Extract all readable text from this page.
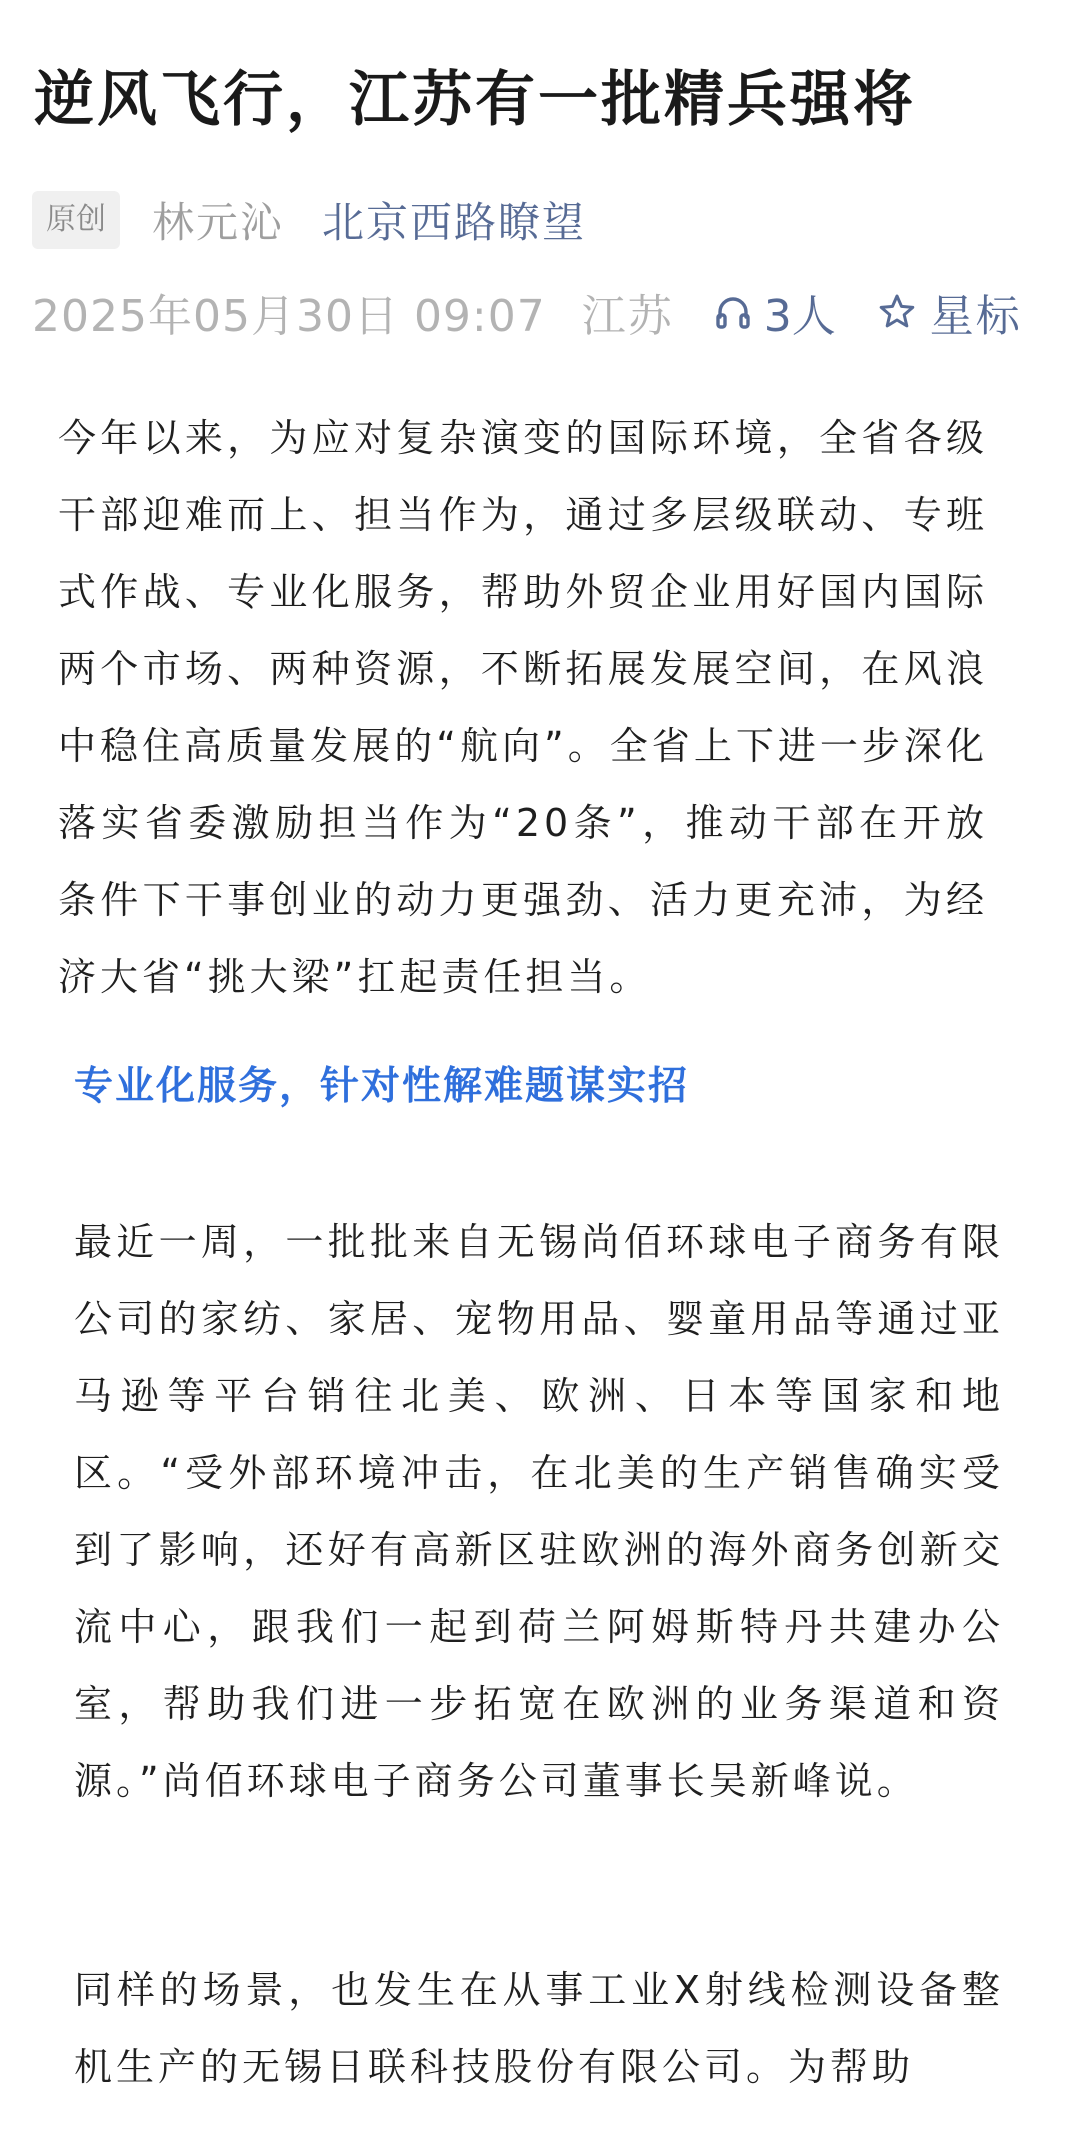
逆风飞行，江苏有一批精兵强将
原创	林元沁 北京西路瞭望
2025年05月30日 09:07 江苏 3人 星标

今年以来，为应对复杂演变的国际环境，全省各级干部迎难而上、担当作为，通过多层级联动、专班式作战、专业化服务，帮助外贸企业用好国内国际两个市场、两种资源，不断拓展发展空间，在风浪中稳住高质量发展的“航向”。全省上下进一步深化落实省委激励担当作为“20条”，推动干部在开放条件下干事创业的动力更强劲、活力更充沛，为经济大省“挑大梁”扛起责任担当。

专业化服务，针对性解难题谋实招

最近一周，一批批来自无锡尚佰环球电子商务有限公司的家纺、家居、宠物用品、婴童用品等通过亚马逊等平台销往北美、欧洲、日本等国家和地区。“受外部环境冲击，在北美的生产销售确实受到了影响，还好有高新区驻欧洲的海外商务创新交流中心，跟我们一起到荷兰阿姆斯特丹共建办公室，帮助我们进一步拓宽在欧洲的业务渠道和资源。”尚佰环球电子商务公司董事长吴新峰说。

同样的场景，也发生在从事工业X射线检测设备整机生产的无锡日联科技股份有限公司。为帮助
